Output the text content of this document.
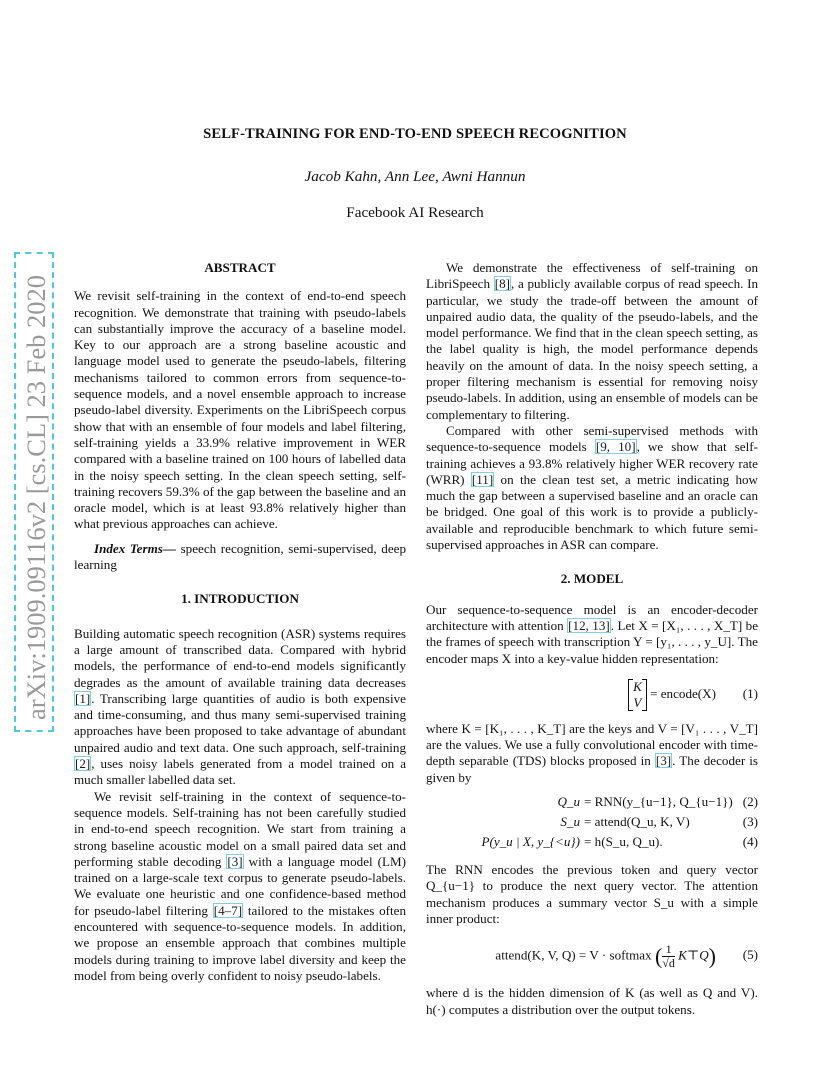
arXiv:1909.09116v2 [cs.CL] 23 Feb 2020
SELF-TRAINING FOR END-TO-END SPEECH RECOGNITION
Jacob Kahn, Ann Lee, Awni Hannun
Facebook AI Research
ABSTRACT

We revisit self-training in the context of end-to-end speech recognition. We demonstrate that training with pseudo-labels can substantially improve the accuracy of a baseline model. Key to our approach are a strong baseline acoustic and language model used to generate the pseudo-labels, filtering mechanisms tailored to common errors from sequence-to-sequence models, and a novel ensemble approach to increase pseudo-label diversity. Experiments on the LibriSpeech corpus show that with an ensemble of four models and label filtering, self-training yields a 33.9% relative improvement in WER compared with a baseline trained on 100 hours of labelled data in the noisy speech setting. In the clean speech setting, self-training recovers 59.3% of the gap between the baseline and an oracle model, which is at least 93.8% relatively higher than what previous approaches can achieve.

Index Terms— speech recognition, semi-supervised, deep learning

1. INTRODUCTION

Building automatic speech recognition (ASR) systems requires a large amount of transcribed data. Compared with hybrid models, the performance of end-to-end models significantly degrades as the amount of available training data decreases [1]. Transcribing large quantities of audio is both expensive and time-consuming, and thus many semi-supervised training approaches have been proposed to take advantage of abundant unpaired audio and text data. One such approach, self-training [2], uses noisy labels generated from a model trained on a much smaller labelled data set.

We revisit self-training in the context of sequence-to-sequence models. Self-training has not been carefully studied in end-to-end speech recognition. We start from training a strong baseline acoustic model on a small paired data set and performing stable decoding [3] with a language model (LM) trained on a large-scale text corpus to generate pseudo-labels. We evaluate one heuristic and one confidence-based method for pseudo-label filtering [4–7] tailored to the mistakes often encountered with sequence-to-sequence models. In addition, we propose an ensemble approach that combines multiple models during training to improve label diversity and keep the model from being overly confident to noisy pseudo-labels.

We demonstrate the effectiveness of self-training on LibriSpeech [8], a publicly available corpus of read speech. In particular, we study the trade-off between the amount of unpaired audio data, the quality of the pseudo-labels, and the model performance. We find that in the clean speech setting, as the label quality is high, the model performance depends heavily on the amount of data. In the noisy speech setting, a proper filtering mechanism is essential for removing noisy pseudo-labels. In addition, using an ensemble of models can be complementary to filtering.

Compared with other semi-supervised methods with sequence-to-sequence models [9, 10], we show that self-training achieves a 93.8% relatively higher WER recovery rate (WRR) [11] on the clean test set, a metric indicating how much the gap between a supervised baseline and an oracle can be bridged. One goal of this work is to provide a publicly-available and reproducible benchmark to which future semi-supervised approaches in ASR can compare.

2. MODEL

Our sequence-to-sequence model is an encoder-decoder architecture with attention [12, 13]. Let X = [X₁, . . . , X_T] be the frames of speech with transcription Y = [y₁, . . . , y_U]. The encoder maps X into a key-value hidden representation:

K
V = encode(X) (1)

where K = [K₁, . . . , K_T] are the keys and V = [V₁ . . . , V_T] are the values. We use a fully convolutional encoder with time-depth separable (TDS) blocks proposed in [3]. The decoder is given by

Q_u = RNN(y_{u−1}, Q_{u−1}) (2)
S_u = attend(Q_u, K, V)	(3)
P(y_u | X, y_{<u}) = h(S_u, Q_u).	(4)

The RNN encodes the previous token and query vector Q_{u−1} to produce the next query vector. The attention mechanism produces a summary vector S_u with a simple inner product:

attend(K, V, Q) = V · softmax ( $\frac{1}{√d}$ K⊤Q) (5)

where d is the hidden dimension of K (as well as Q and V). h(·) computes a distribution over the output tokens.
